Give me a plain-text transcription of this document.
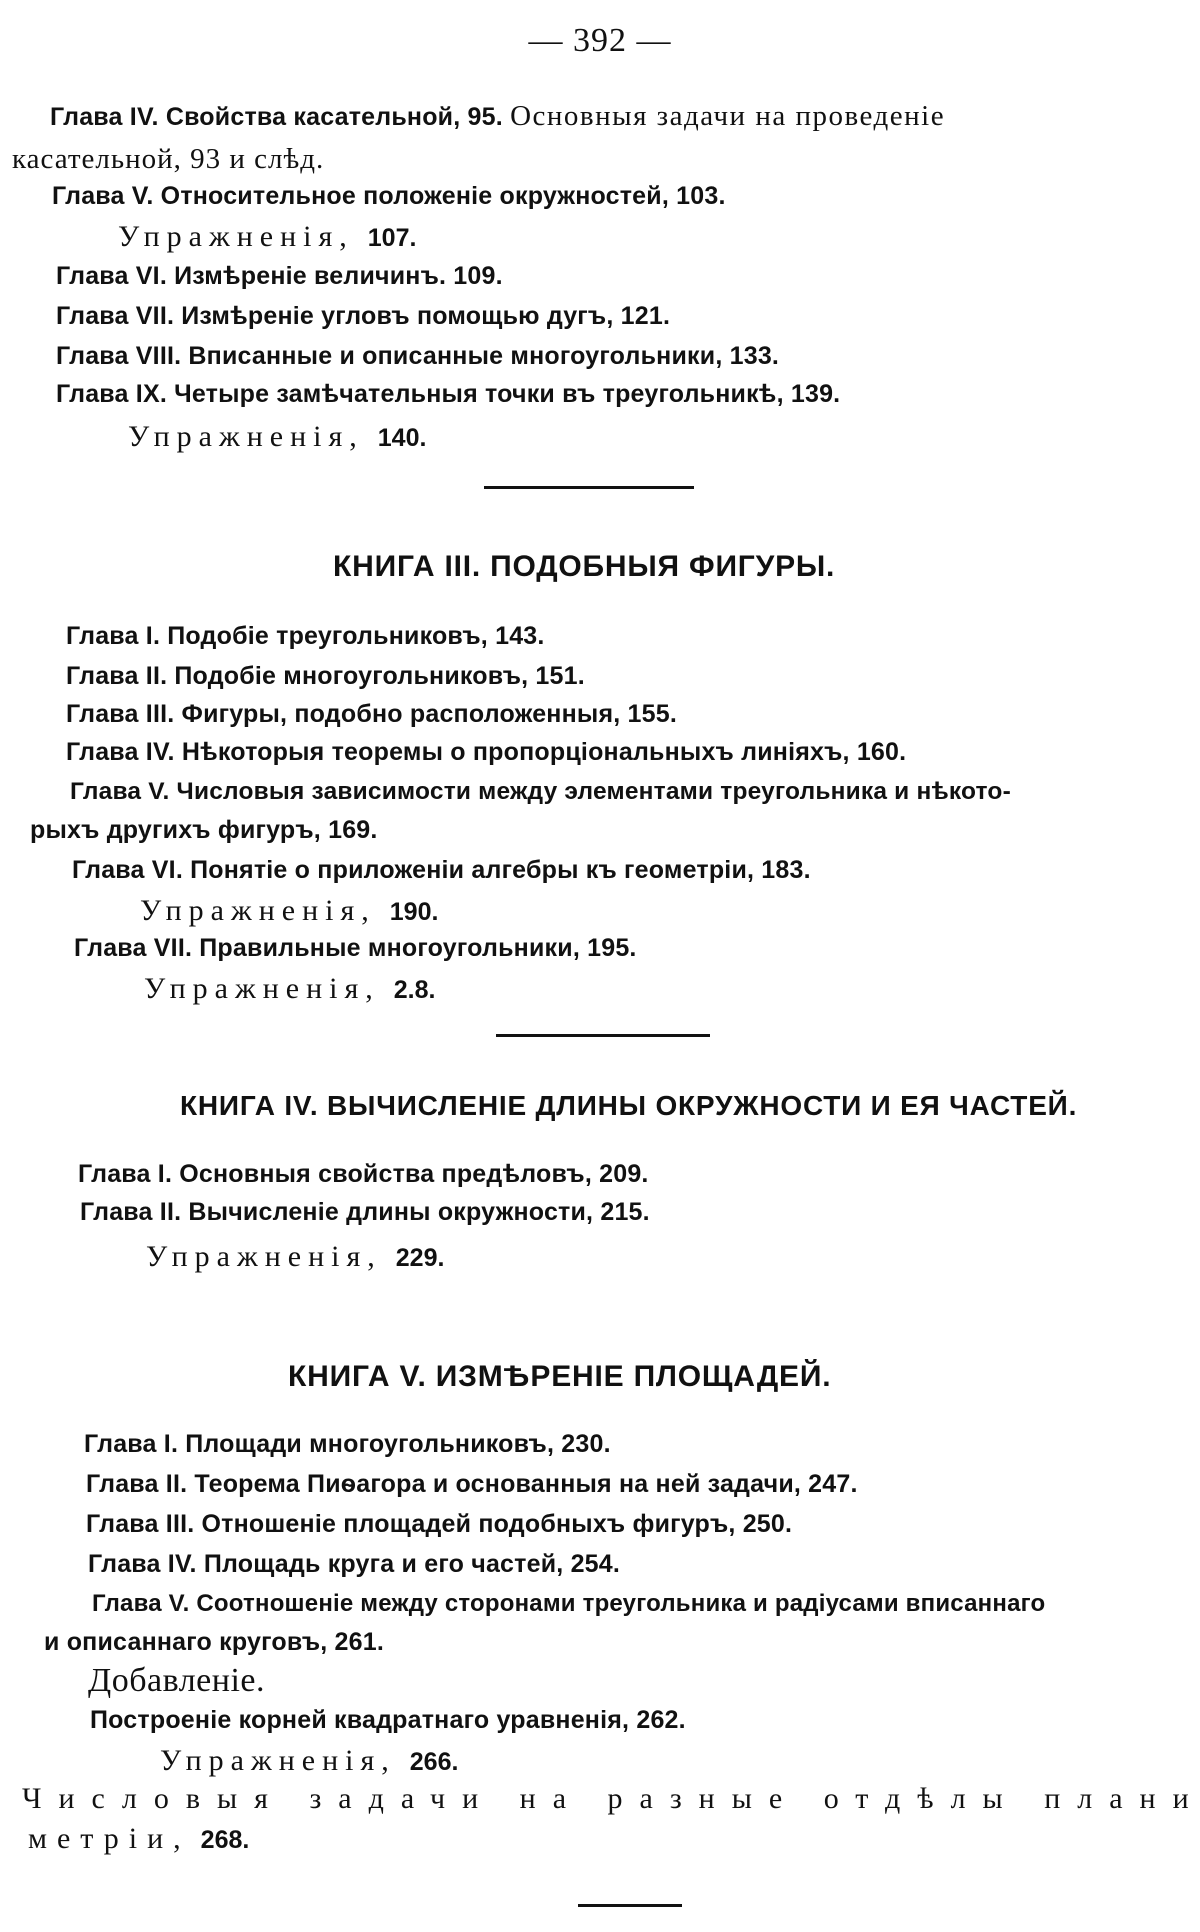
— 392 —
Глава IV. Свойства касательной, 95. Основныя задачи на проведеніе
касательной, 93 и слѣд.
Глава V. Относительное положеніе окружностей, 103.
Упражненія, 107.
Глава VI. Измѣреніе величинъ. 109.
Глава VII. Измѣреніе угловъ помощью дугъ, 121.
Глава VIII. Вписанные и описанные многоугольники, 133.
Глава IX. Четыре замѣчательныя точки въ треугольникѣ, 139.
Упражненія, 140.
КНИГА III. ПОДОБНЫЯ ФИГУРЫ.
Глава I. Подобіе треугольниковъ, 143.
Глава II. Подобіе многоугольниковъ, 151.
Глава III. Фигуры, подобно расположенныя, 155.
Глава IV. Нѣкоторыя теоремы о пропорціональныхъ линіяхъ, 160.
Глава V. Числовыя зависимости между элементами треугольника и нѣкото-
рыхъ другихъ фигуръ, 169.
Глава VI. Понятіе о приложеніи алгебры къ геометріи, 183.
Упражненія, 190.
Глава VII. Правильные многоугольники, 195.
Упражненія, 2.8.
КНИГА IV. ВЫЧИСЛЕНІЕ ДЛИНЫ ОКРУЖНОСТИ И ЕЯ ЧАСТЕЙ.
Глава I. Основныя свойства предѣловъ, 209.
Глава II. Вычисленіе длины окружности, 215.
Упражненія, 229.
КНИГА V. ИЗМѢРЕНІЕ ПЛОЩАДЕЙ.
Глава I. Площади многоугольниковъ, 230.
Глава II. Теорема Пиѳагора и основанныя на ней задачи, 247.
Глава III. Отношеніе площадей подобныхъ фигуръ, 250.
Глава IV. Площадь круга и его частей, 254.
Глава V. Соотношеніе между сторонами треугольника и радіусами вписаннаго
и описаннаго круговъ, 261.
Добавленіе.
Построеніе корней квадратнаго уравненія, 262.
Упражненія, 266.
Числовыя задачи на разные отдѣлы плани-
метріи, 268.
